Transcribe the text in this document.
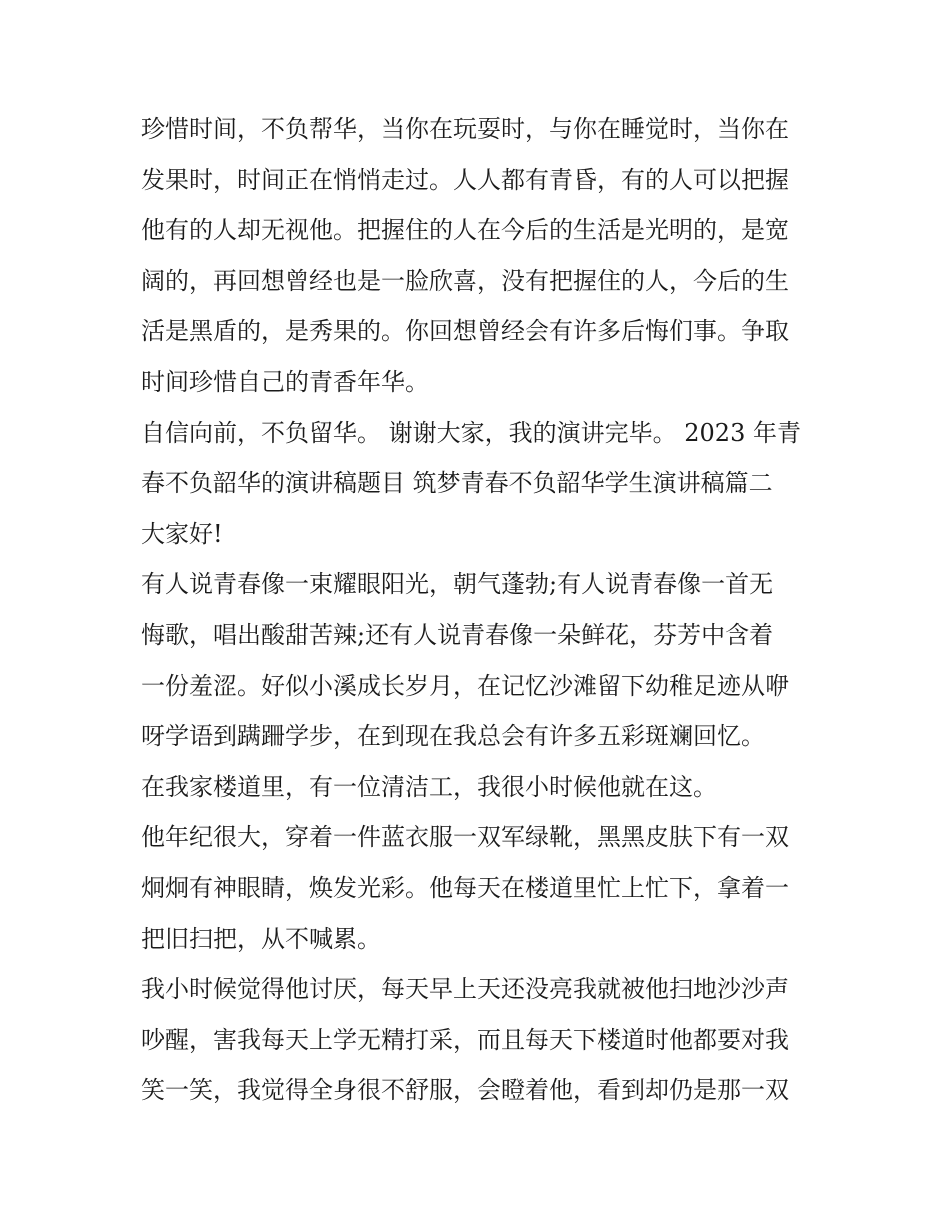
珍惜时间，不负帮华，当你在玩耍时，与你在睡觉时，当你在
发果时，时间正在悄悄走过。人人都有青昏，有的人可以把握
他有的人却无视他。把握住的人在今后的生活是光明的，是宽
阔的，再回想曾经也是一脸欣喜，没有把握住的人，今后的生
活是黑盾的，是秀果的。你回想曾经会有许多后悔们事。争取
时间珍惜自己的青香年华。
自信向前，不负留华。 谢谢大家，我的演讲完毕。 2023 年青
春不负韶华的演讲稿题目 筑梦青春不负韶华学生演讲稿篇二
大家好!
有人说青春像一束耀眼阳光，朝气蓬勃;有人说青春像一首无
悔歌，唱出酸甜苦辣;还有人说青春像一朵鲜花，芬芳中含着
一份羞涩。好似小溪成长岁月，在记忆沙滩留下幼稚足迹从咿
呀学语到蹒跚学步，在到现在我总会有许多五彩斑斓回忆。
在我家楼道里，有一位清洁工，我很小时候他就在这。
他年纪很大，穿着一件蓝衣服一双军绿靴，黑黑皮肤下有一双
炯炯有神眼睛，焕发光彩。他每天在楼道里忙上忙下，拿着一
把旧扫把，从不喊累。
我小时候觉得他讨厌，每天早上天还没亮我就被他扫地沙沙声
吵醒，害我每天上学无精打采，而且每天下楼道时他都要对我
笑一笑，我觉得全身很不舒服，会瞪着他，看到却仍是那一双
